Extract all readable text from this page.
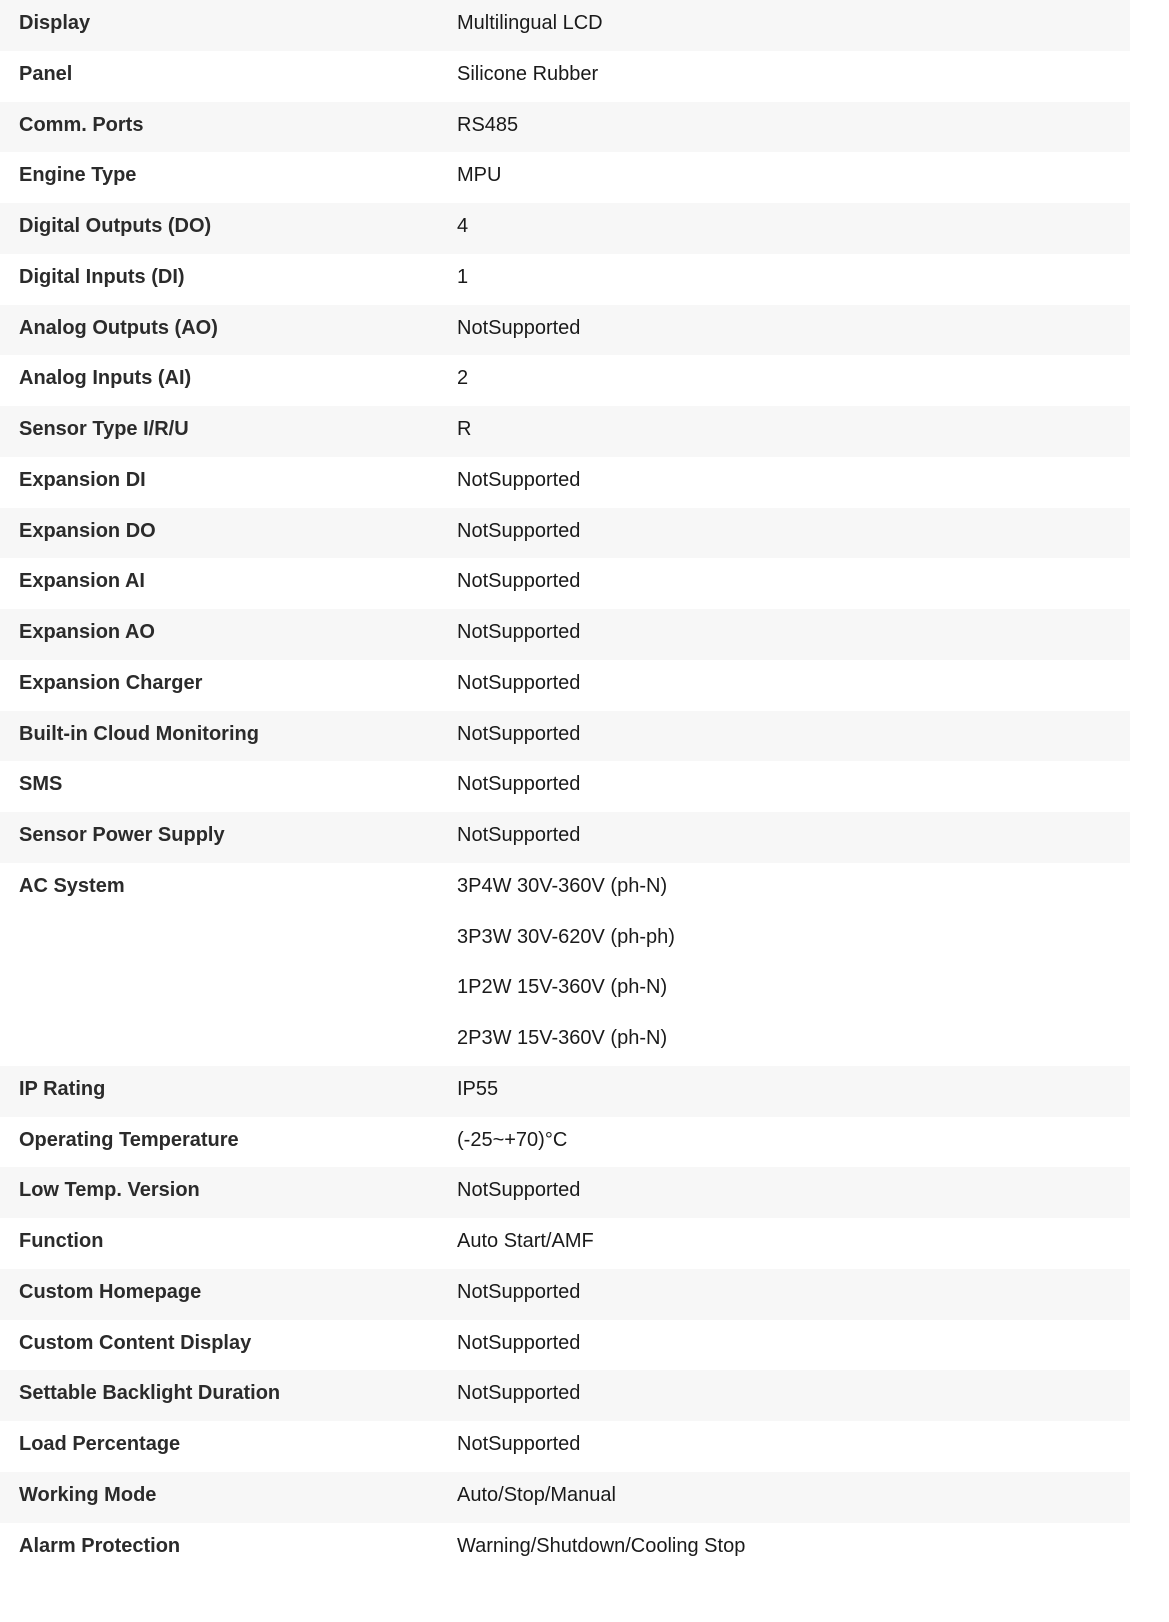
Display	Multilingual LCD

Panel	Silicone Rubber

Comm. Ports	RS485

Engine Type	MPU

Digital Outputs (DO)	4

Digital Inputs (DI)	1

Analog Outputs (AO)	NotSupported

Analog Inputs (AI)	2

Sensor Type I/R/U	R

Expansion DI	NotSupported

Expansion DO	NotSupported

Expansion AI	NotSupported

Expansion AO	NotSupported

Expansion Charger	NotSupported

Built-in Cloud Monitoring	NotSupported

SMS	NotSupported

Sensor Power Supply	NotSupported

AC System	3P4W 30V-360V (ph-N)
3P3W 30V-620V (ph-ph)
1P2W 15V-360V (ph-N)
2P3W 15V-360V (ph-N)

IP Rating	IP55

Operating Temperature	(-25~+70)°C

Low Temp. Version	NotSupported

Function	Auto Start/AMF

Custom Homepage	NotSupported

Custom Content Display	NotSupported

Settable Backlight Duration	NotSupported

Load Percentage	NotSupported

Working Mode	Auto/Stop/Manual

Alarm Protection	Warning/Shutdown/Cooling Stop
